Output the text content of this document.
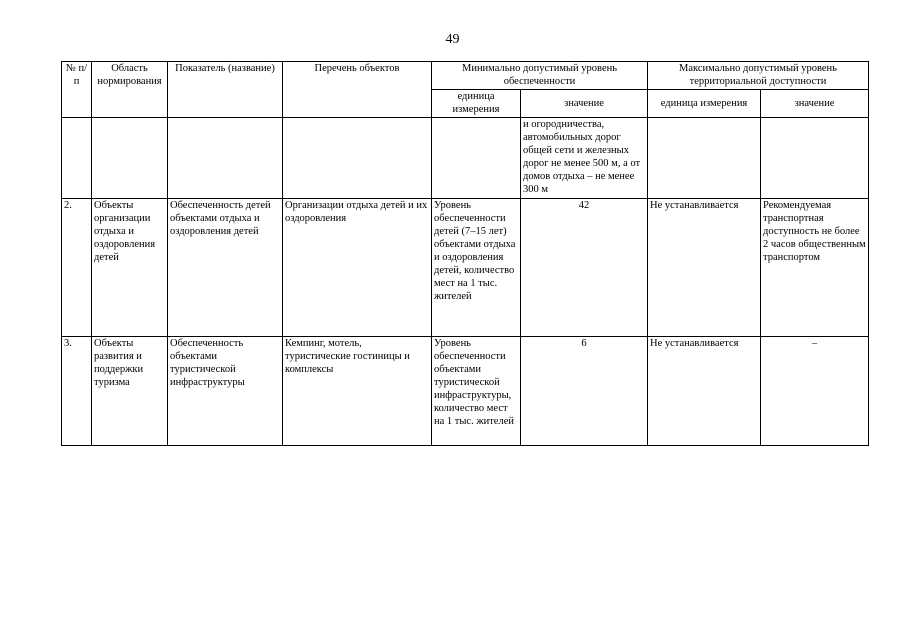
49
№ п/п	Область нормирования	Показатель (название)	Перечень объектов	Минимально допустимый уровень обеспеченности		Максимально допустимый уровень территориальной доступности	
				единица измерения	значение	единица измерения	значение
					и огородничества, автомобильных дорог общей сети и железных дорог не менее 500 м, а от домов отдыха – не менее 300 м		
2.	Объекты организации отдыха и оздоровления детей	Обеспеченность детей объектами отдыха и оздоровления детей	Организации отдыха детей и их оздоровления	Уровень обеспеченности детей (7–15 лет) объектами отдыха и оздоровления детей, количество мест на 1 тыс. жителей	42	Не устанавливается	Рекомендуемая транспортная доступность не более 2 часов общественным транспортом
3.	Объекты развития и поддержки туризма	Обеспеченность объектами туристической инфраструктуры	Кемпинг, мотель, туристические гостиницы и комплексы	Уровень обеспеченности объектами туристической инфраструктуры, количество мест на 1 тыс. жителей	6	Не устанавливается	–
